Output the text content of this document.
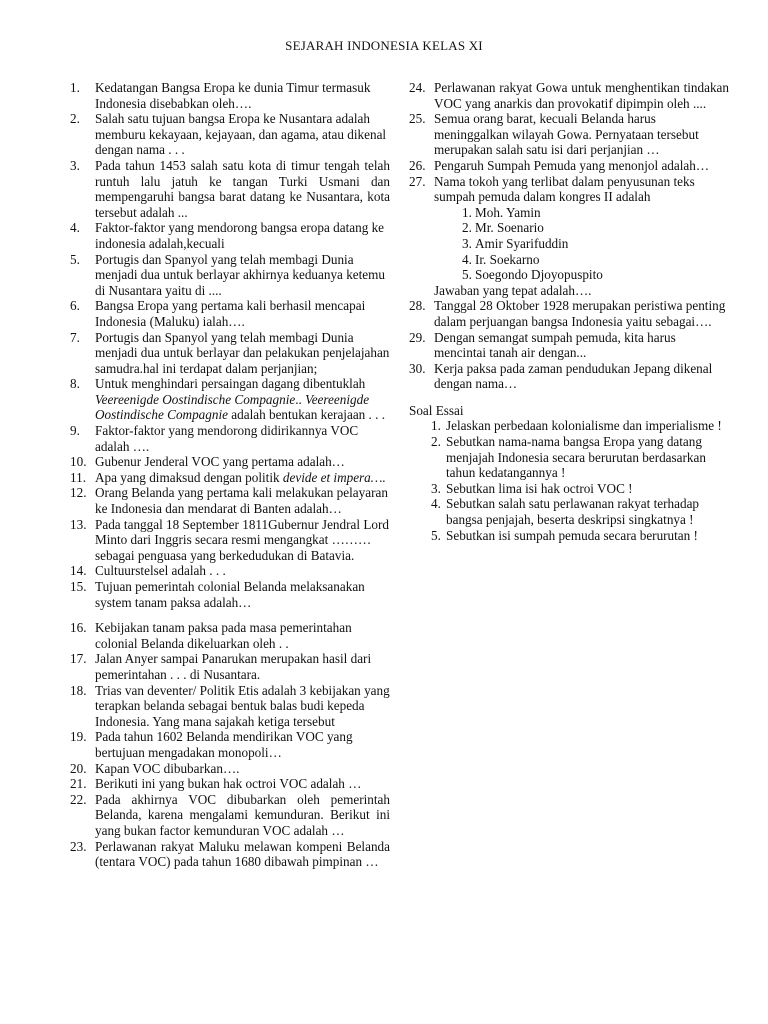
SEJARAH INDONESIA KELAS XI
1. Kedatangan Bangsa Eropa ke dunia Timur termasuk Indonesia disebabkan oleh….
2. Salah satu tujuan bangsa Eropa ke Nusantara adalah memburu kekayaan, kejayaan, dan agama, atau dikenal dengan nama . . .
3. Pada tahun 1453 salah satu kota di timur tengah telah runtuh lalu jatuh ke tangan Turki Usmani dan mempengaruhi bangsa barat datang ke Nusantara, kota tersebut adalah ...
4. Faktor-faktor yang mendorong bangsa eropa datang ke indonesia adalah,kecuali
5. Portugis dan Spanyol yang telah membagi Dunia menjadi dua untuk berlayar akhirnya keduanya ketemu di Nusantara yaitu di ....
6. Bangsa Eropa yang pertama kali berhasil mencapai Indonesia (Maluku) ialah….
7. Portugis dan Spanyol yang telah membagi Dunia menjadi dua untuk berlayar dan pelakukan penjelajahan samudra.hal ini terdapat dalam perjanjian;
8. Untuk menghindari persaingan dagang dibentuklah Veereenigde Oostindische Compagnie.. Veereenigde Oostindische Compagnie adalah bentukan kerajaan . . .
9. Faktor-faktor yang mendorong didirikannya VOC adalah ….
10. Gubenur Jenderal VOC yang pertama adalah…
11. Apa yang dimaksud dengan politik devide et impera….
12. Orang Belanda yang pertama kali melakukan pelayaran ke Indonesia dan mendarat di Banten adalah…
13. Pada tanggal 18 September 1811Gubernur Jendral Lord Minto dari Inggris secara resmi mengangkat ……… sebagai penguasa yang berkedudukan di Batavia.
14. Cultuurstelsel adalah . . .
15. Tujuan pemerintah colonial Belanda melaksanakan system tanam paksa adalah…
16. Kebijakan tanam paksa pada masa pemerintahan colonial Belanda dikeluarkan oleh . .
17. Jalan Anyer sampai Panarukan merupakan hasil dari pemerintahan . . . di Nusantara.
18. Trias van deventer/ Politik Etis adalah 3 kebijakan yang terapkan belanda sebagai bentuk balas budi kepeda Indonesia. Yang mana sajakah ketiga tersebut
19. Pada tahun 1602 Belanda mendirikan VOC yang bertujuan mengadakan monopoli…
20. Kapan VOC dibubarkan….
21. Berikuti ini yang bukan hak octroi VOC adalah …
22. Pada akhirnya VOC dibubarkan oleh pemerintah Belanda, karena mengalami kemunduran. Berikut ini yang bukan factor kemunduran VOC adalah …
23. Perlawanan rakyat Maluku melawan kompeni Belanda (tentara VOC) pada tahun 1680 dibawah pimpinan …
24. Perlawanan rakyat Gowa untuk menghentikan tindakan VOC yang anarkis dan provokatif dipimpin oleh ....
25. Semua orang barat, kecuali Belanda harus meninggalkan wilayah Gowa. Pernyataan tersebut merupakan salah satu isi dari perjanjian …
26. Pengaruh Sumpah Pemuda yang menonjol adalah…
27. Nama tokoh yang terlibat dalam penyusunan teks sumpah pemuda dalam kongres II adalah
1. Moh. Yamin
2. Mr. Soenario
3. Amir Syarifuddin
4. Ir. Soekarno
5. Soegondo Djoyopuspito
Jawaban yang tepat adalah….
28. Tanggal 28 Oktober 1928 merupakan peristiwa penting dalam perjuangan bangsa Indonesia yaitu sebagai….
29. Dengan semangat sumpah pemuda, kita harus mencintai tanah air dengan...
30. Kerja paksa pada zaman pendudukan Jepang dikenal dengan nama…
Soal Essai
1. Jelaskan perbedaan kolonialisme dan imperialisme !
2. Sebutkan nama-nama bangsa Eropa yang datang menjajah Indonesia secara berurutan berdasarkan tahun kedatangannya !
3. Sebutkan lima isi hak octroi VOC !
4. Sebutkan salah satu perlawanan rakyat terhadap bangsa penjajah, beserta deskripsi singkatnya !
5. Sebutkan isi sumpah pemuda secara berurutan !
